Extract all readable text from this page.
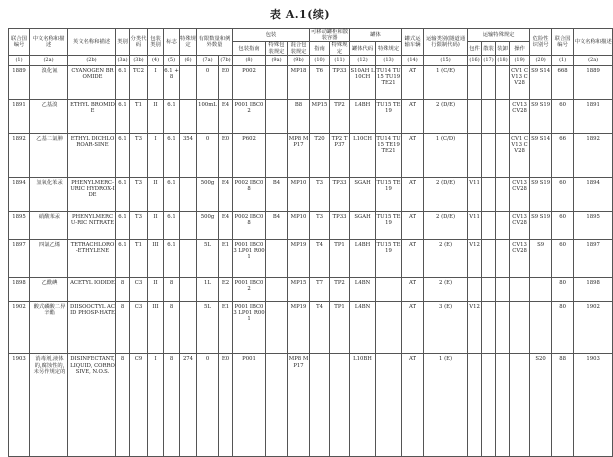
表 A.1(续)
联合国编号	中文名称和描述	英文名称和描述	类别	分类代码	包装类别	标志	特殊规定	有限数量和例外数量		包装			可移动罐柜和散装容器		罐体		罐式运输车辆	运输类别(隧道通行限制代码)	运输特殊规定				危险性识别号	联合国编号	中文名称和描述	
										包装指南	特殊包装规定	混合包装规定	指南	特殊规定	罐体代码	特殊规定			包件	散装	装卸	操作				
(1)	(2a)	(2b)	(3a)	(3b)	(4)	(5)	(6)	(7a)	(7b)	(8)	(9a)	(9b)	(10)	(11)	(12)	(13)	(14)	(15)	(16)	(17)	(18)	(19)	(20)	(1)	(2a)	
1889	溴化氰	CYANOGEN BROMIDE	6.1	TC2	I	6.1 +8		0	E0	P002		MP18	T6	TP33	S10AH L10CH	TU14 TU15 TU19 TE21	AT	1 (C/E)				CV1 CV13 CV28	S9 S14	668	1889	
1891	乙基溴	ETHYL BROMIDE	6.1	T1	II	6.1		100mL	E4	P001 IBC02		B8	MP15	TP2	L4BH	TU15 TE19	AT	2 (D/E)				CV13 CV28	S9 S19	60	1891	
1892	乙基二氯胂	ETHYL DICHLOROAR-SINE	6.1	T3	I	6.1	354	0	E0	P602		MP8 MP17	T20	TP2 TP37	L10CH	TU14 TU15 TE19 TE21	AT	1 (C/D)				CV1 CV13 CV28	S9 S14	66	1892	
1894	氢氧化苯汞	PHENYLMERC-URIC HYDROX-IDE	6.1	T3	II	6.1		500g	E4	P002 IBC08	B4	MP10	T3	TP33	SGAH	TU15 TE19	AT	2 (D/E)	V11			CV13 CV28	S9 S19	60	1894	
1895	硝酸苯汞	PHENYLMERCU-RIC NITRATE	6.1	T3	II	6.1		500g	E4	P002 IBC08	B4	MP10	T3	TP33	SGAH	TU15 TE19	AT	2 (D/E)	V11			CV13 CV28	S9 S19	60	1895	
1897	四氯乙烯	TETRACHLORO-ETHYLENE	6.1	T1	III	6.1		5L	E1	P001 IBC03 LP01 R001		MP19	T4	TP1	L4BH	TU15 TE19	AT	2 (E)	V12			CV13 CV28	S9	60	1897	
1898	乙酰碘	ACETYL IODIDE	8	C3	II	8		1L	E2	P001 IBC02		MP15	T7	TP2	L4BN		AT	2 (E)						80	1898	
1902	酸式磷酸二异辛酯	DIISOOCTYL ACID PHOSP-HATE	8	C3	III	8		5L	E1	P001 IBC03 LP01 R001		MP19	T4	TP1	L4BN		AT	3 (E)	V12					80	1902	
1903	消毒剂,液体的,腐蚀性的,未另作规定的	DISINFECTANT, LIQUID, CORROSIVE, N.O.S.	8	C9	I	8	274	0	E0	P001		MP8 MP17			L10BH		AT	1 (E)					S20	88	1903	
